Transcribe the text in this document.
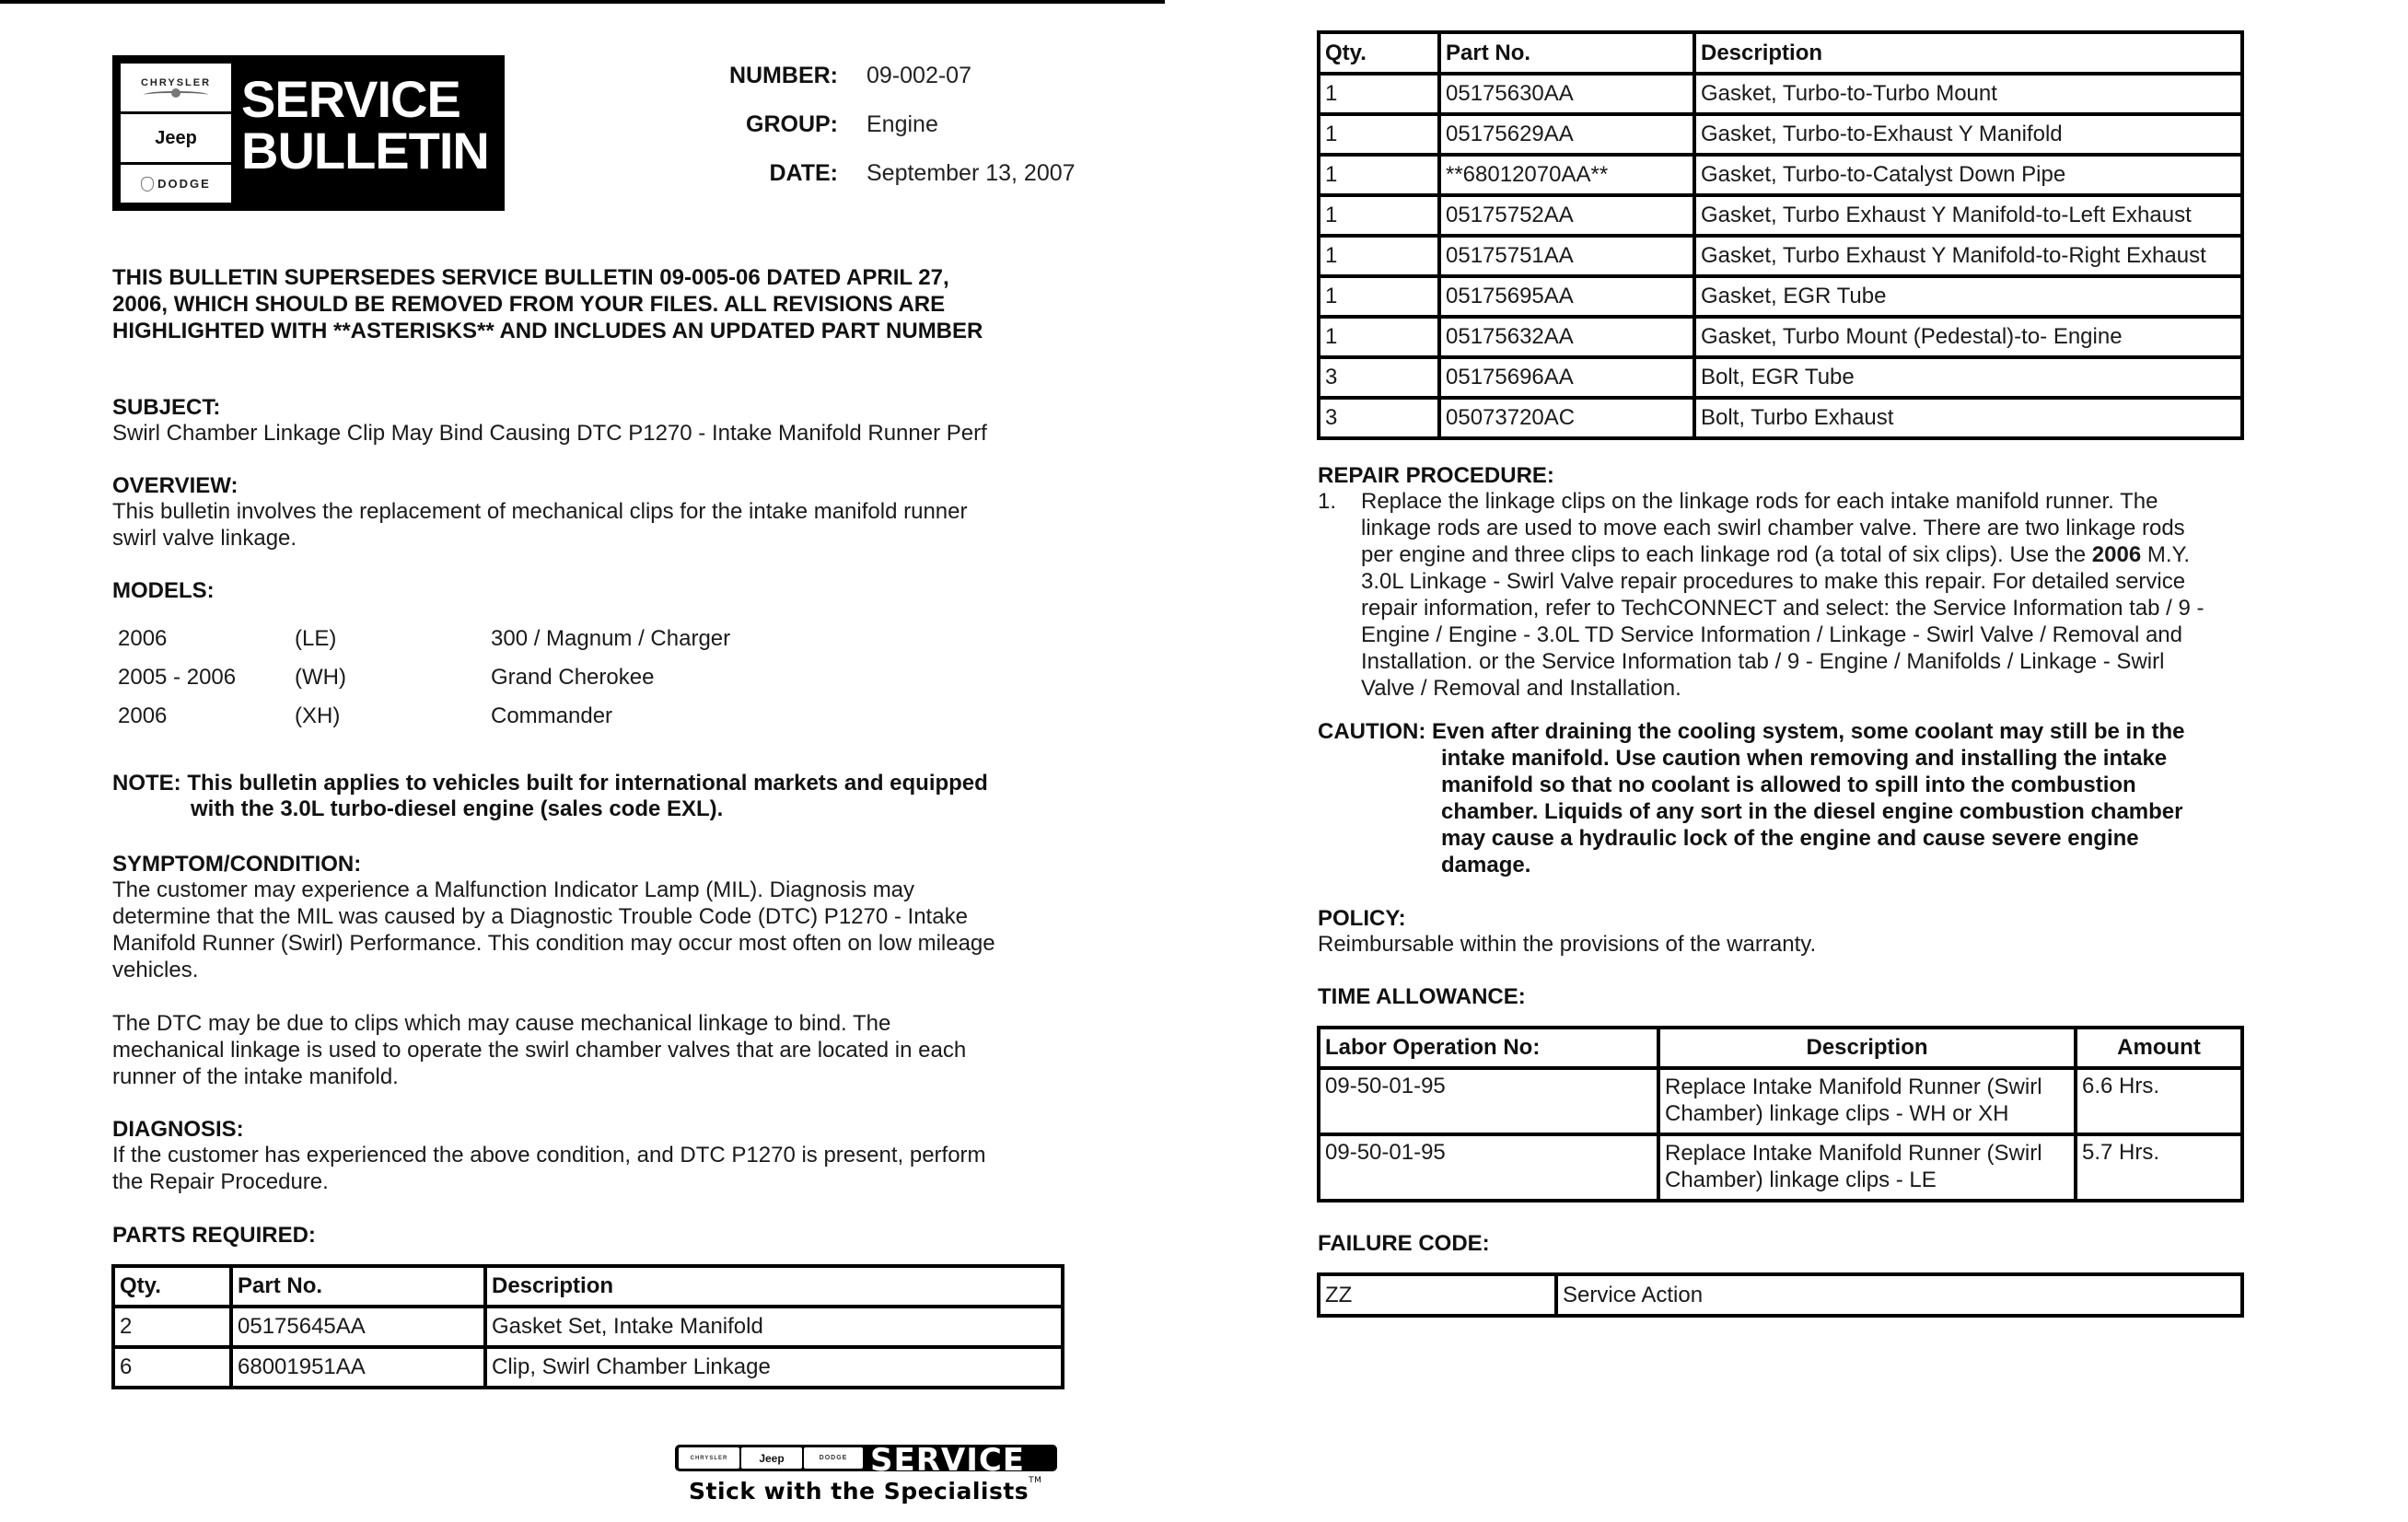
CHRYSLER
Jeep
DODGE
SERVICE
BULLETIN
NUMBER: 09-002-07
GROUP: Engine
DATE: September 13, 2007
THIS BULLETIN SUPERSEDES SERVICE BULLETIN 09-005-06 DATED APRIL 27,
2006, WHICH SHOULD BE REMOVED FROM YOUR FILES. ALL REVISIONS ARE
HIGHLIGHTED WITH **ASTERISKS** AND INCLUDES AN UPDATED PART NUMBER
SUBJECT:
Swirl Chamber Linkage Clip May Bind Causing DTC P1270 - Intake Manifold Runner Perf
OVERVIEW:
This bulletin involves the replacement of mechanical clips for the intake manifold runner
swirl valve linkage.
MODELS:
2006	(LE)	300 / Magnum / Charger
2005 - 2006	(WH)	Grand Cherokee
2006	(XH)	Commander
NOTE: This bulletin applies to vehicles built for international markets and equipped
with the 3.0L turbo-diesel engine (sales code EXL).
SYMPTOM/CONDITION:
The customer may experience a Malfunction Indicator Lamp (MIL). Diagnosis may
determine that the MIL was caused by a Diagnostic Trouble Code (DTC) P1270 - Intake
Manifold Runner (Swirl) Performance. This condition may occur most often on low mileage
vehicles.
The DTC may be due to clips which may cause mechanical linkage to bind. The
mechanical linkage is used to operate the swirl chamber valves that are located in each
runner of the intake manifold.
DIAGNOSIS:
If the customer has experienced the above condition, and DTC P1270 is present, perform
the Repair Procedure.
PARTS REQUIRED:
Qty.	Part No.	Description
2	05175645AA	Gasket Set, Intake Manifold
6	68001951AA	Clip, Swirl Chamber Linkage
CHRYSLER	Jeep	DODGE SERVICE
Stick with the Specialists™
Qty.	Part No.	Description
1	05175630AA	Gasket, Turbo-to-Turbo Mount
1	05175629AA	Gasket, Turbo-to-Exhaust Y Manifold
1	**68012070AA**	Gasket, Turbo-to-Catalyst Down Pipe
1	05175752AA	Gasket, Turbo Exhaust Y Manifold-to-Left Exhaust
1	05175751AA	Gasket, Turbo Exhaust Y Manifold-to-Right Exhaust
1	05175695AA	Gasket, EGR Tube
1	05175632AA	Gasket, Turbo Mount (Pedestal)-to- Engine
3	05175696AA	Bolt, EGR Tube
3	05073720AC	Bolt, Turbo Exhaust
REPAIR PROCEDURE:
1. Replace the linkage clips on the linkage rods for each intake manifold runner. The
linkage rods are used to move each swirl chamber valve. There are two linkage rods
per engine and three clips to each linkage rod (a total of six clips). Use the 2006 M.Y.
3.0L Linkage - Swirl Valve repair procedures to make this repair. For detailed service
repair information, refer to TechCONNECT and select: the Service Information tab / 9 -
Engine / Engine - 3.0L TD Service Information / Linkage - Swirl Valve / Removal and
Installation. or the Service Information tab / 9 - Engine / Manifolds / Linkage - Swirl
Valve / Removal and Installation.
CAUTION: Even after draining the cooling system, some coolant may still be in the
intake manifold. Use caution when removing and installing the intake
manifold so that no coolant is allowed to spill into the combustion
chamber. Liquids of any sort in the diesel engine combustion chamber
may cause a hydraulic lock of the engine and cause severe engine
damage.
POLICY:
Reimbursable within the provisions of the warranty.
TIME ALLOWANCE:
Labor Operation No:	Description	Amount
09-50-01-95	Replace Intake Manifold Runner (Swirl
Chamber) linkage clips - WH or XH	6.6 Hrs.
09-50-01-95	Replace Intake Manifold Runner (Swirl
Chamber) linkage clips - LE	5.7 Hrs.
FAILURE CODE:
ZZ	Service Action
